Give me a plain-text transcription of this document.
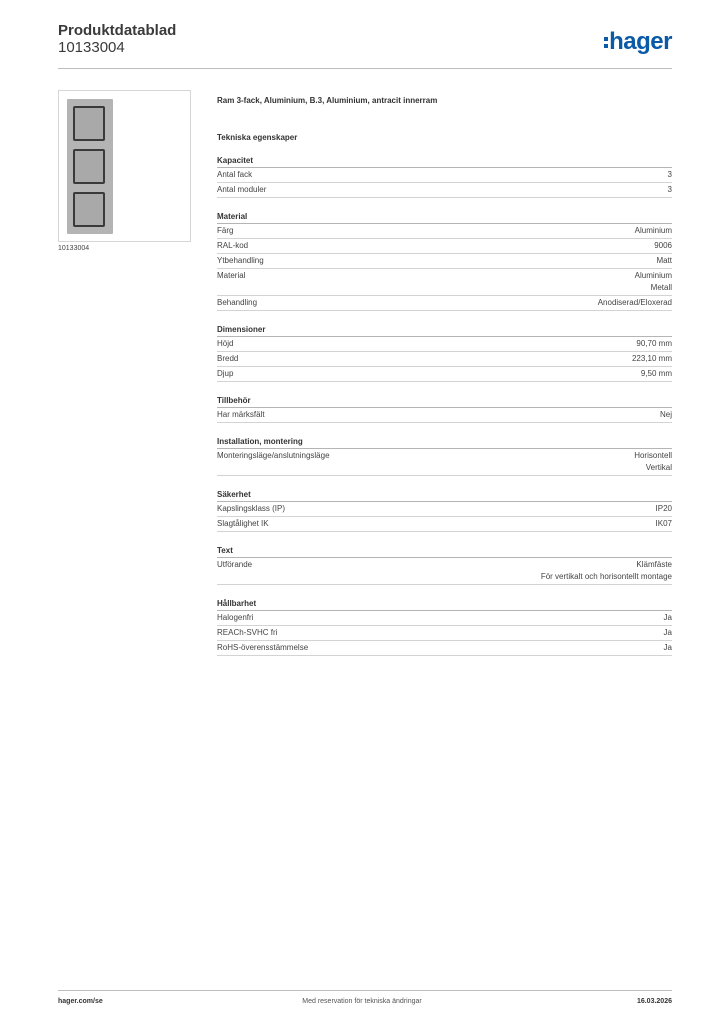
Produktdatablad
10133004	hager
10133004
Ram 3-fack, Aluminium, B.3, Aluminium, antracit innerram
Tekniska egenskaper
Kapacitet
Antal fack	3
Antal moduler	3
Material
Färg	Aluminium
RAL-kod	9006
Ytbehandling	Matt
Material	Aluminium
Metall
Behandling	Anodiserad/Eloxerad
Dimensioner
Höjd	90,70 mm
Bredd	223,10 mm
Djup	9,50 mm
Tillbehör
Har märksfält	Nej
Installation, montering
Monteringsläge/anslutningsläge	Horisontell
Vertikal
Säkerhet
Kapslingsklass (IP)	IP20
Slagtålighet IK	IK07
Text
Utförande	Klämfäste
För vertikalt och horisontellt montage
Hållbarhet
Halogenfri	Ja
REACh-SVHC fri	Ja
RoHS-överensstämmelse	Ja
hager.com/se	Med reservation för tekniska ändringar	16.03.2026
